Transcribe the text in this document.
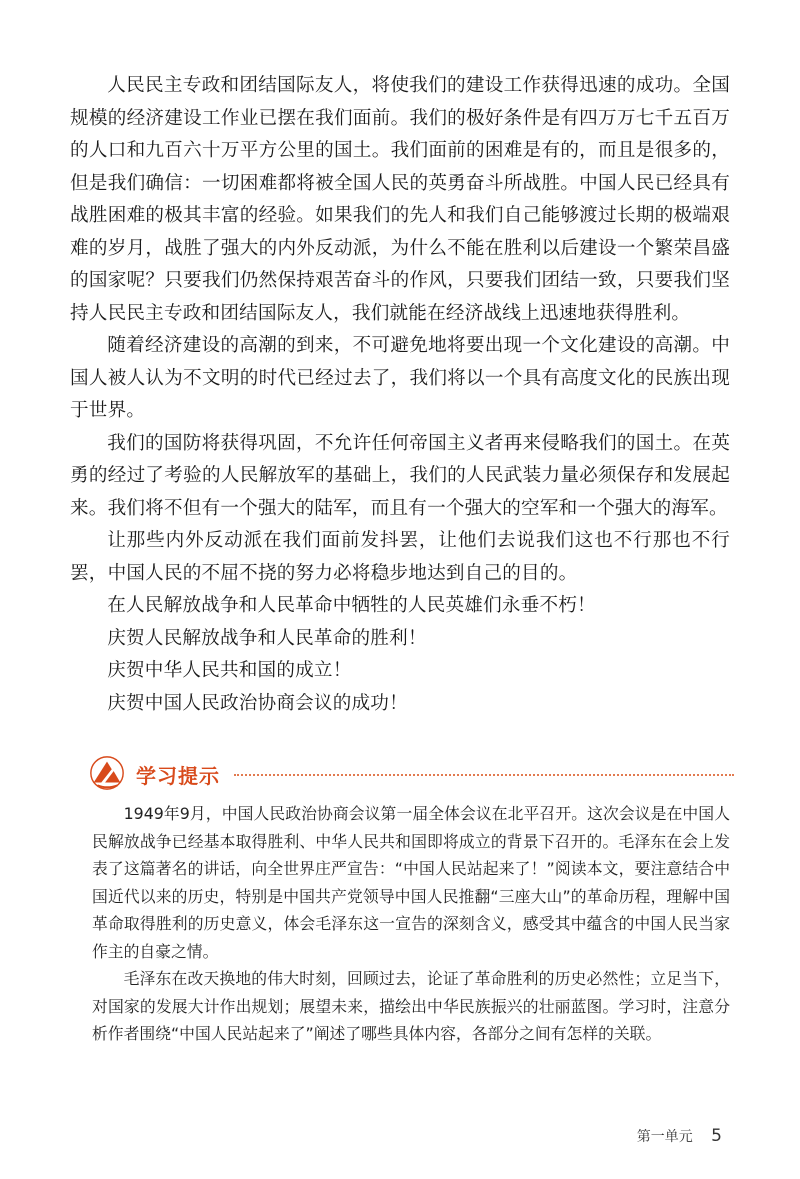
人民民主专政和团结国际友人，将使我们的建设工作获得迅速的成功。全国规模的经济建设工作业已摆在我们面前。我们的极好条件是有四万万七千五百万的人口和九百六十万平方公里的国土。我们面前的困难是有的，而且是很多的，但是我们确信：一切困难都将被全国人民的英勇奋斗所战胜。中国人民已经具有战胜困难的极其丰富的经验。如果我们的先人和我们自己能够渡过长期的极端艰难的岁月，战胜了强大的内外反动派，为什么不能在胜利以后建设一个繁荣昌盛的国家呢？只要我们仍然保持艰苦奋斗的作风，只要我们团结一致，只要我们坚持人民民主专政和团结国际友人，我们就能在经济战线上迅速地获得胜利。

随着经济建设的高潮的到来，不可避免地将要出现一个文化建设的高潮。中国人被人认为不文明的时代已经过去了，我们将以一个具有高度文化的民族出现于世界。

我们的国防将获得巩固，不允许任何帝国主义者再来侵略我们的国土。在英勇的经过了考验的人民解放军的基础上，我们的人民武装力量必须保存和发展起来。我们将不但有一个强大的陆军，而且有一个强大的空军和一个强大的海军。

让那些内外反动派在我们面前发抖罢，让他们去说我们这也不行那也不行罢，中国人民的不屈不挠的努力必将稳步地达到自己的目的。

在人民解放战争和人民革命中牺牲的人民英雄们永垂不朽！

庆贺人民解放战争和人民革命的胜利！

庆贺中华人民共和国的成立！

庆贺中国人民政治协商会议的成功！

学习提示

1949年9月，中国人民政治协商会议第一届全体会议在北平召开。这次会议是在中国人民解放战争已经基本取得胜利、中华人民共和国即将成立的背景下召开的。毛泽东在会上发表了这篇著名的讲话，向全世界庄严宣告：“中国人民站起来了！”阅读本文，要注意结合中国近代以来的历史，特别是中国共产党领导中国人民推翻“三座大山”的革命历程，理解中国革命取得胜利的历史意义，体会毛泽东这一宣告的深刻含义，感受其中蕴含的中国人民当家作主的自豪之情。

毛泽东在改天换地的伟大时刻，回顾过去，论证了革命胜利的历史必然性；立足当下，对国家的发展大计作出规划；展望未来，描绘出中华民族振兴的壮丽蓝图。学习时，注意分析作者围绕“中国人民站起来了”阐述了哪些具体内容，各部分之间有怎样的关联。

第一单元 5
